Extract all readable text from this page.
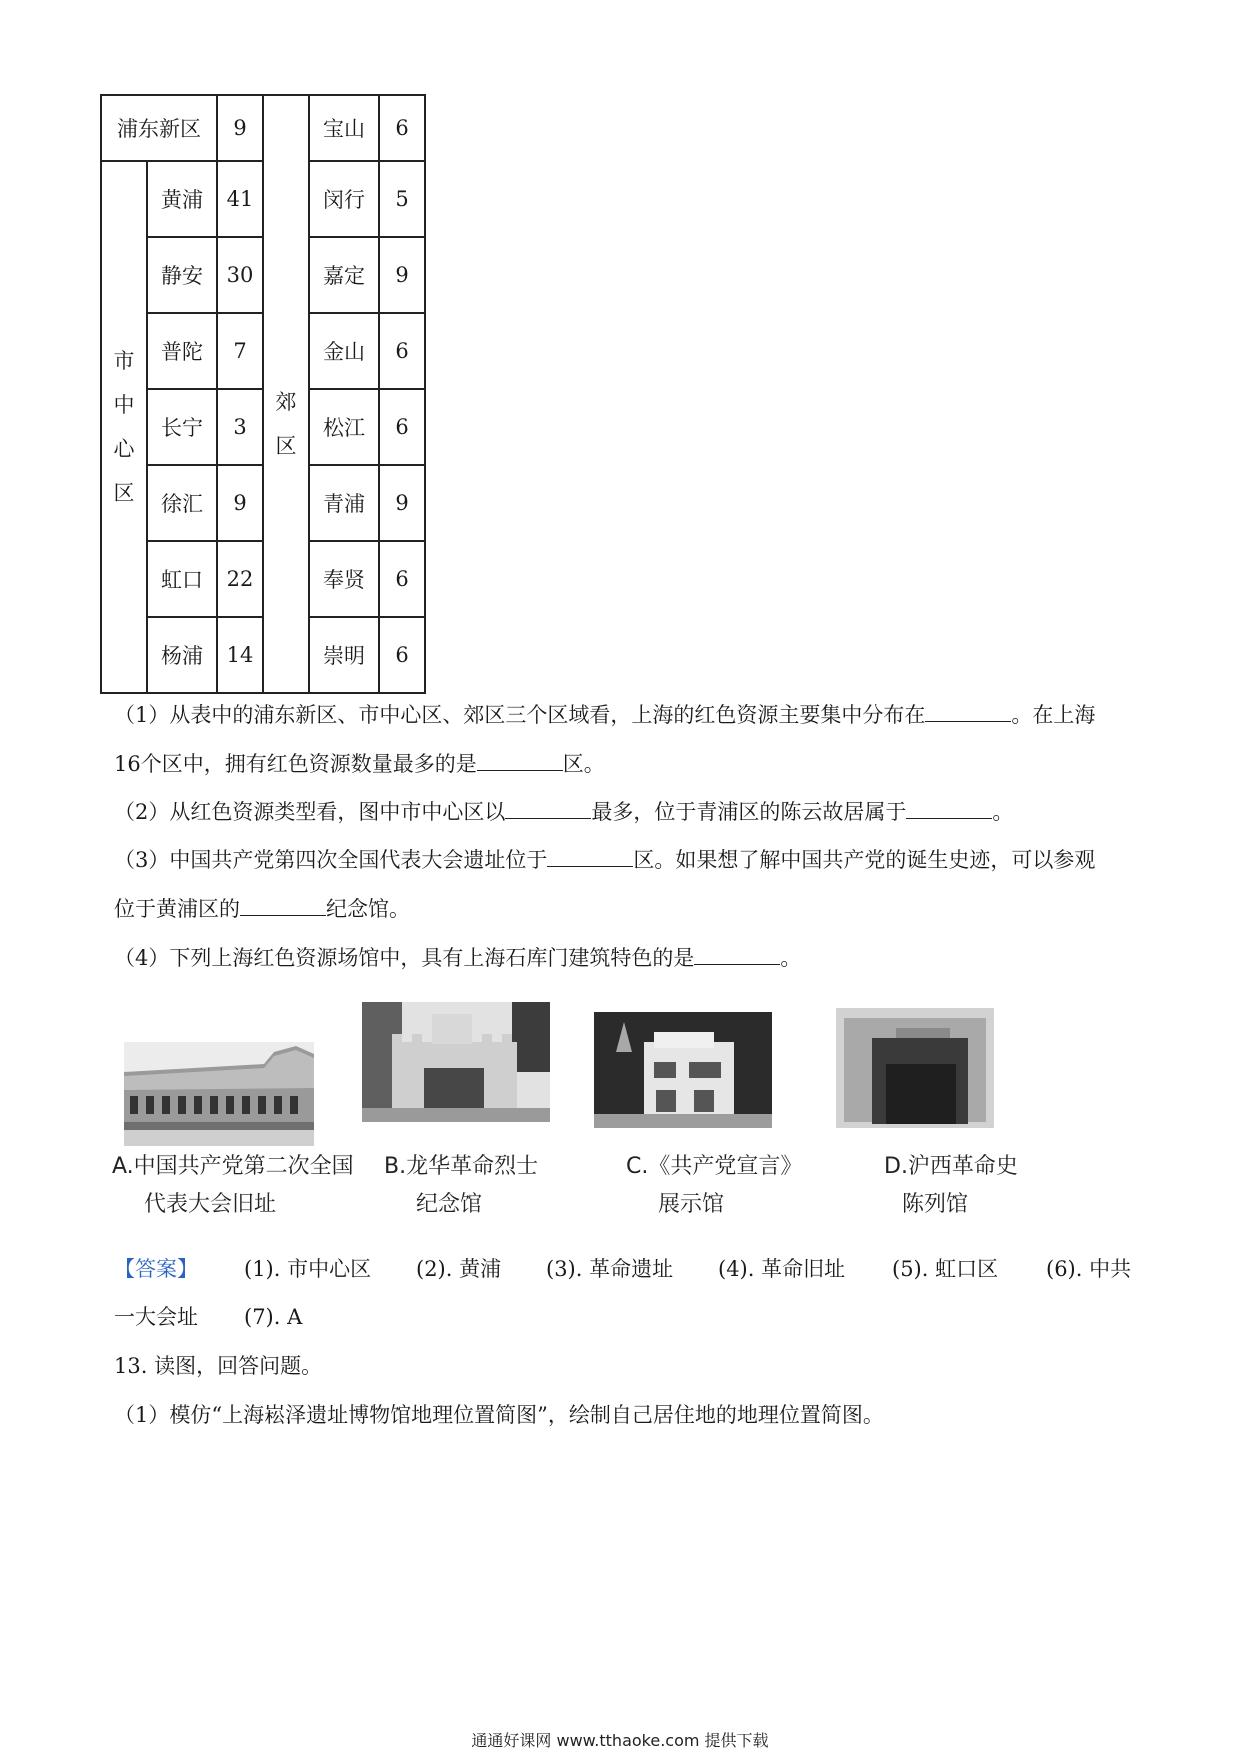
浦东新区		9	郊区	宝山	6
市中心区	黄浦	41		闵行	5
	静安	30		嘉定	9
	普陀	7		金山	6
	长宁	3		松江	6
	徐汇	9		青浦	9
	虹口	22		奉贤	6
	杨浦	14		崇明	6
（1）从表中的浦东新区、市中心区、郊区三个区域看，上海的红色资源主要集中分布在	。在上海
16个区中，拥有红色资源数量最多的是	区。
（2）从红色资源类型看，图中市中心区以	最多，位于青浦区的陈云故居属于	。
（3）中国共产党第四次全国代表大会遗址位于	区。如果想了解中国共产党的诞生史迹，可以参观
位于黄浦区的	纪念馆。
（4）下列上海红色资源场馆中，具有上海石库门建筑特色的是	。
A.中国共产党第二次全国
代表大会旧址
B.龙华革命烈士
纪念馆
C.《共产党宣言》
展示馆
D.沪西革命史
陈列馆
【答案】 (1). 市中心区 (2). 黄浦 (3). 革命遗址 (4). 革命旧址 (5). 虹口区 (6). 中共
一大会址 (7). A
13. 读图，回答问题。
（1）模仿“上海崧泽遗址博物馆地理位置简图”，绘制自己居住地的地理位置简图。
通通好课网 www.tthaoke.com 提供下载
